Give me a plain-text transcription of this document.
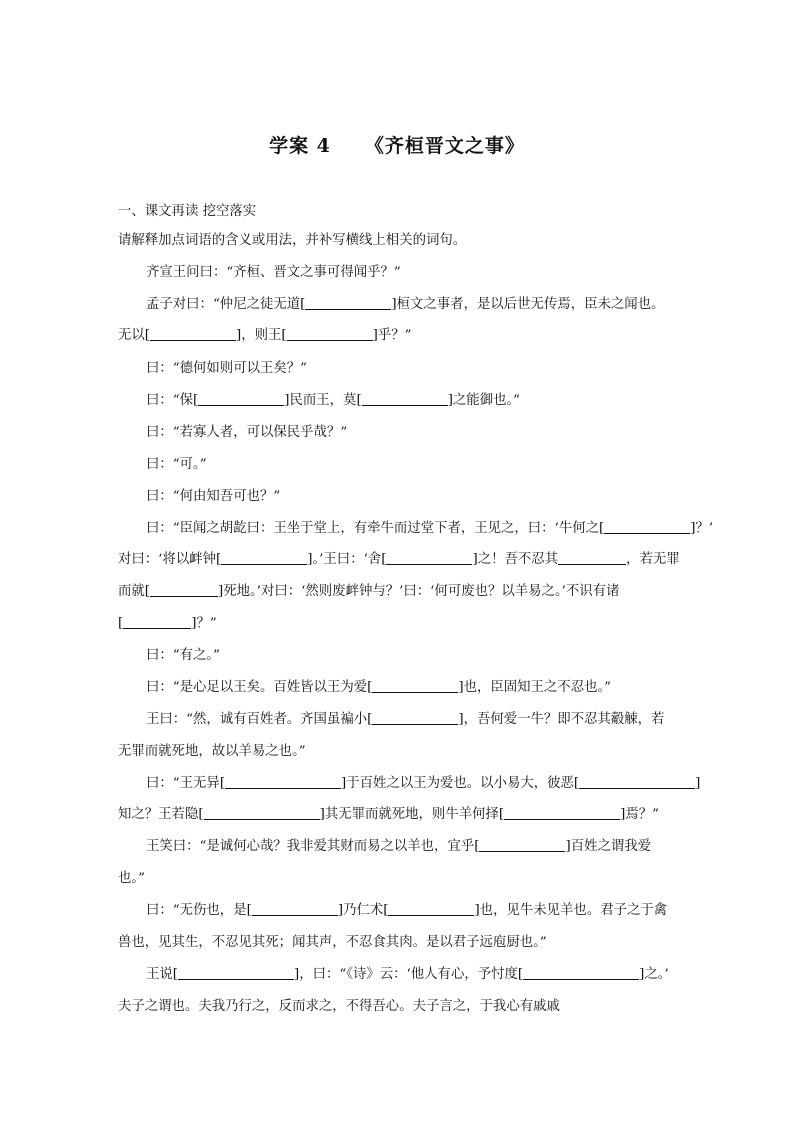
学案 4 《齐桓晋文之事》
一、课文再读 挖空落实
请解释加点词语的含义或用法，并补写横线上相关的词句。
齐宣王问曰：“齐桓、晋文之事可得闻乎？”
孟子对曰：“仲尼之徒无道[	]桓文之事者，是以后世无传焉，臣未之闻也。
无以[	]，则王[	]乎？”
曰：“德何如则可以王矣？”
曰：“保[	]民而王，莫[	]之能御也。”
曰：“若寡人者，可以保民乎哉？”
曰：“可。”
曰：“何由知吾可也？”
曰：“臣闻之胡龁曰：王坐于堂上，有牵牛而过堂下者，王见之，曰：‘牛何之[	]？’
对曰：‘将以衅钟[	]。’王曰：‘舍[	]之！吾不忍其	，若无罪
而就[	]死地。’对曰：‘然则废衅钟与？’曰：‘何可废也？以羊易之。’不识有诸
[	]？”
曰：“有之。”
曰：“是心足以王矣。百姓皆以王为爱[	]也，臣固知王之不忍也。”
王曰：“然，诚有百姓者。齐国虽褊小[	]，吾何爱一牛？即不忍其觳觫，若
无罪而就死地，故以羊易之也。”
曰：“王无异[	]于百姓之以王为爱也。以小易大，彼恶[	]
知之？王若隐[	]其无罪而就死地，则牛羊何择[	]焉？”
王笑曰：“是诚何心哉？我非爱其财而易之以羊也，宜乎[	]百姓之谓我爱
也。”
曰：“无伤也，是[	]乃仁术[	]也，见牛未见羊也。君子之于禽
兽也，见其生，不忍见其死；闻其声，不忍食其肉。是以君子远庖厨也。”
王说[	]，曰：“《诗》云：‘他人有心，予忖度[	]之。’
夫子之谓也。夫我乃行之，反而求之，不得吾心。夫子言之，于我心有戚戚
